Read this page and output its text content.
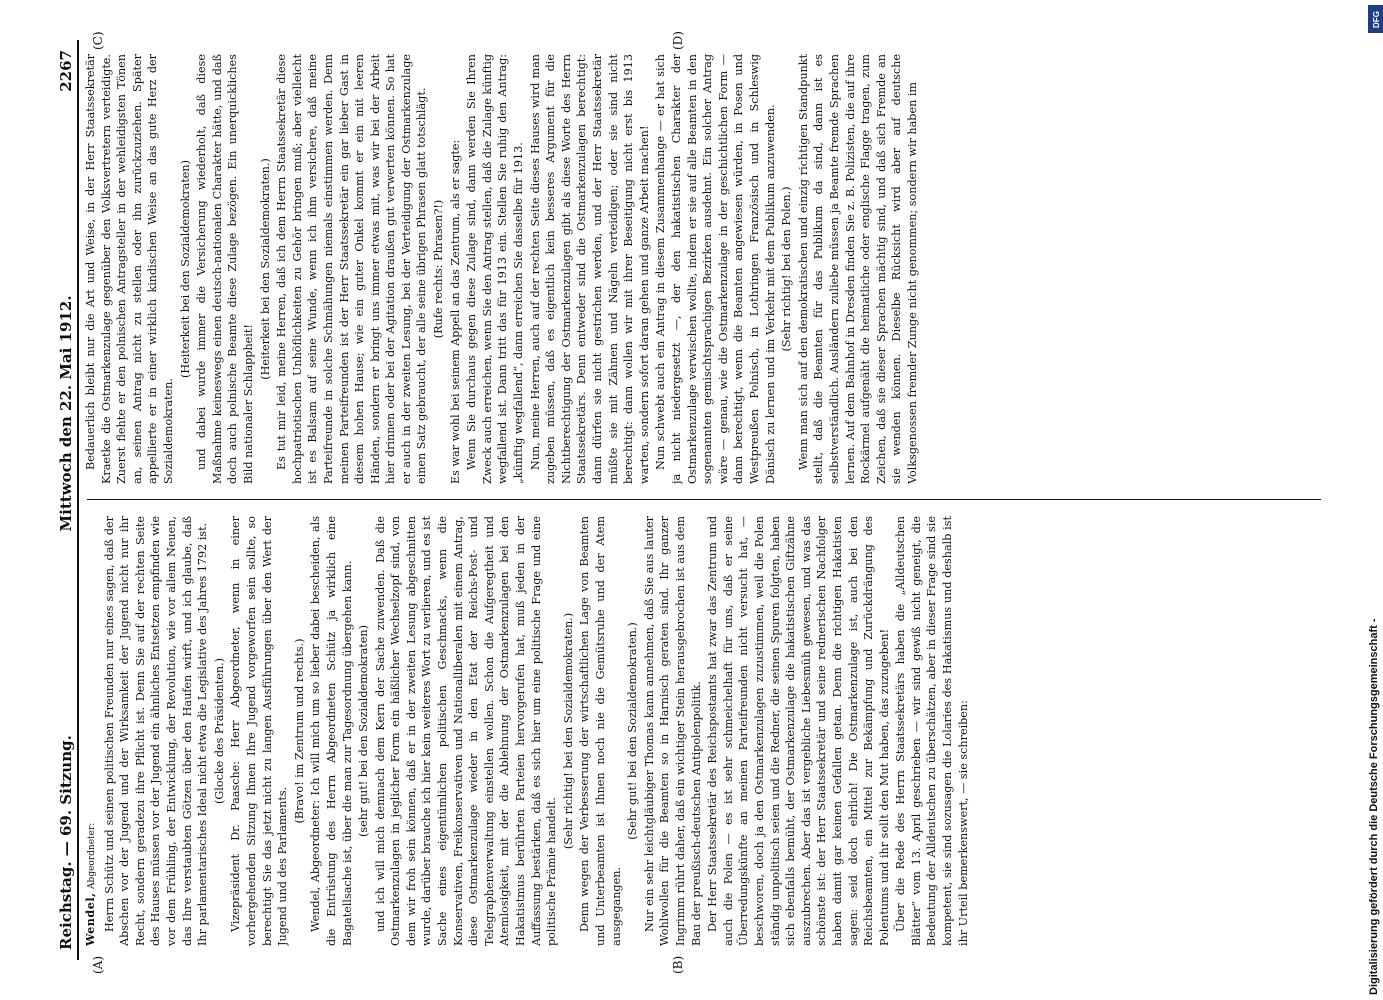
Reichstag. — 69. Sitzung.
Mittwoch den 22. Mai 1912.
2267
(A)	(B)
(C)	(D)

Wendel, Abgeordneter: Herrn Schütz und seinen politischen Freunden nur eines sagen, daß der Abschen vor der Jugend und der Wirksamkeit der Jugend nicht nur ihr Recht, sondern geradezu ihre Pflicht ist. Denn Sie auf der rechten Seite des Hauses müssen vor der Jugend ein ähnliches Entsetzen empfinden wie vor dem Frühling, der Entwicklung, der Revolution, wie vor allem Neuen, das Ihre verstaubten Götzen über den Haufen wirft, und ich glaube, daß Ihr parlamentarisches Ideal nicht etwa die Legislative des Jahres 1792 ist. (Glocke des Präsidenten.) Vizepräsident Dr. Paasche: Herr Abgeordneter, wenn in einer vorhergehenden Sitzung Ihnen Ihre Jugend vorgeworfen sein sollte, so berechtigt Sie das jetzt nicht zu langen Ausführungen über den Wert der Jugend und des Parlaments.

(Bravo! im Zentrum und rechts.) Wendel, Abgeordneter: Ich will mich um so lieber dabei bescheiden, als die Entrüstung des Herrn Abgeordneten Schütz ja wirklich eine Bagatellsache ist, über die man zur Tagesordnung übergehen kann. (sehr gut! bei den Sozialdemokraten) und ich will mich demnach dem Kern der Sache zuwenden. Daß die Ostmarkenzulagen in jeglicher Form ein häßlicher Wechselzopf sind, von dem wir froh sein können, daß er in der zweiten Lesung abgeschnitten wurde, darüber brauche ich hier kein weiteres Wort zu verlieren, und es ist Sache eines eigentümlichen politischen Geschmacks, wenn die Konservativen, Freikonservativen und Nationalliberalen mit einem Antrag, diese Ostmarkenzulage wieder in den Etat der Reichs-Post- und Telegraphenverwaltung einstellen wollen. Schon die Aufgeregtheit und Atemlosigkeit, mit der die Ablehnung der Ostmarkenzulagen bei den Hakatistmus berührten Parteien hervorgerufen hat, muß jeden in der Auffassung bestärken, daß es sich hier um eine politische Frage und eine politische Prämie handelt.

(Sehr richtig! bei den Sozialdemokraten.) Denn wegen der Verbesserung der wirtschaftlichen Lage von Beamten und Unterbeamten ist Ihnen noch nie die Gemütsruhe und der Atem ausgegangen.

(Sehr gut! bei den Sozialdemokraten.) Nur ein sehr leichtgläubiger Thomas kann annehmen, daß Sie aus lauter Wohlwollen für die Beamten so in Harnisch geraten sind. Ihr ganzer Ingrimm rührt daher, daß ein wichtiger Stein herausgebrochen ist aus dem Bau der preußisch-deutschen Antipolenpolitik. Der Herr Staatssekretär des Reichspostamts hat zwar das Zentrum und auch die Polen — es ist sehr schmeichelhaft für uns, daß er seine Überredungskünfte an meinen Parteifreunden nicht versucht hat, — beschworen, doch ja den Ostmarkenzulagen zuzustimmen, weil die Polen ständig unpolitisch seien und die Redner, die seinen Spuren folgten, haben sich ebenfalls bemüht, der Ostmarkenzulage die hakatistischen Giftzähne auszubrechen. Aber das ist vergebliche Liebesmüh gewesen, und was das schönste ist: der Herr Staatssekretär und seine rednerischen Nachfolger haben damit gar keinen Gefallen getan. Denn die richtigen Hakatisten sagen: seid doch ehrlich! Die Ostmarkenzulage ist, auch bei den Reichsbeamten, ein Mittel zur Bekämpfung und Zurückdrängung des Polentums und ihr sollt den Mut haben, das zuzugeben! Über die Rede des Herrn Staatssekretärs haben die „Alldeutschen Blätter“ vom 13. April geschrieben — wir sind gewiß nicht geneigt, die Bedeutung der Alldeutschen zu überschätzen, aber in dieser Frage sind sie kompetent, sie sind sozusagen die Lolaries des Hakatismus und deshalb ist ihr Urteil bemerkenswert, — sie schreiben:

Bedauerlich bleibt nur die Art und Weise, in der Herr Staatssekretär Kraetke die Ostmarkenzulage gegenüber den Volksvertretern verteidigte. Zuerst flehte er den polnischen Antragsteller in der wehleidigsten Tönen an, seinen Antrag nicht zu stellen oder ihn zurückzuziehen. Später appellierte er in einer wirklich kindischen Weise an das gute Herz der Sozialdemokraten.

(Heiterkeit bei den Sozialdemokraten) und dabei wurde immer die Versicherung wiederholt, daß diese Maßnahme keineswegs einen deutsch-nationalen Charakter hätte, und daß doch auch polnische Beamte diese Zulage bezögen. Ein unerquickliches Bild nationaler Schlappheit!

(Heiterkeit bei den Sozialdemokraten.) Es tut mir leid, meine Herren, daß ich dem Herrn Staatssekretär diese hochpatriotischen Unhöflichkeiten zu Gehör bringen muß; aber vielleicht ist es Balsam auf seine Wunde, wenn ich ihm versichere, daß meine Parteifreunde in solche Schmähungen niemals einstimmen werden. Denn meinen Parteifreunden ist der Herr Staatssekretär ein gar lieber Gast in diesem hohen Hause; wie ein guter Onkel kommt er ein mit leeren Händen, sondern er bringt uns immer etwas mit, was wir bei der Arbeit hier drinnen oder bei der Agitation draußen gut verwerten können. So hat er auch in der zweiten Lesung, bei der Verteidigung der Ostmarkenzulage einen Satz gebraucht, der alle seine übrigen Phrasen glatt totschlägt. (Rufe rechts: Phrasen?!) Es war wohl bei seinem Appell an das Zentrum, als er sagte: Wenn Sie durchaus gegen diese Zulage sind, dann werden Sie Ihren Zweck auch erreichen, wenn Sie den Antrag stellen, daß die Zulage künftig wegfallend ist. Dann tritt das für 1913 ein. Stellen Sie ruhig den Antrag: „künftig wegfallend“, dann erreichen Sie dasselbe für 1913. Nun, meine Herren, auch auf der rechten Seite dieses Hauses wird man zugeben müssen, daß es eigentlich kein besseres Argument für die Nichtberechtigung der Ostmarkenzulagen gibt als diese Worte des Herrn Staatssekretärs. Denn entweder sind die Ostmarkenzulagen berechtigt: dann dürfen sie nicht gestrichen werden, und der Herr Staatssekretär müßte sie mit Zähnen und Nägeln verteidigen; oder sie sind nicht berechtigt: dann wollen wir mit ihrer Beseitigung nicht erst bis 1913 warten, sondern sofort daran gehen und ganze Arbeit machen! Nun schwebt auch ein Antrag in diesem Zusammenhange — er hat sich ja nicht niedergesetzt —, der den hakatistischen Charakter der Ostmarkenzulage verwischen wollte, indem er sie auf alle Beamten in den sogenannten gemischtsprachigen Bezirken ausdehnt. Ein solcher Antrag wäre — genau, wie die Ostmarkenzulage in der geschichtlichen Form — dann berechtigt, wenn die Beamten angewiesen würden, in Posen und Westpreußen Polnisch, in Lothringen Französisch und in Schleswig Dänisch zu lernen und im Verkehr mit dem Publikum anzuwenden. (Sehr richtig! bei den Polen.) Wenn man sich auf den demokratischen und einzig richtigen Standpunkt stellt, daß die Beamten für das Publikum da sind, dann ist es selbstverständlich. Ausländern zuliebe müssen ja Beamte fremde Sprachen lernen. Auf dem Bahnhof in Dresden finden Sie z. B. Polizisten, die auf ihre Rockärmel aufgenäht die heimatliche oder englische Flagge tragen, zum Zeichen, daß sie dieser Sprachen mächtig sind, und daß sich Fremde an sie wenden können. Dieselbe Rücksicht wird aber auf deutsche Volksgenossen fremder Zunge nicht genommen; sondern wir haben im

DFG
Digitalisierung gefördert durch die Deutsche Forschungsgemeinschaft -
